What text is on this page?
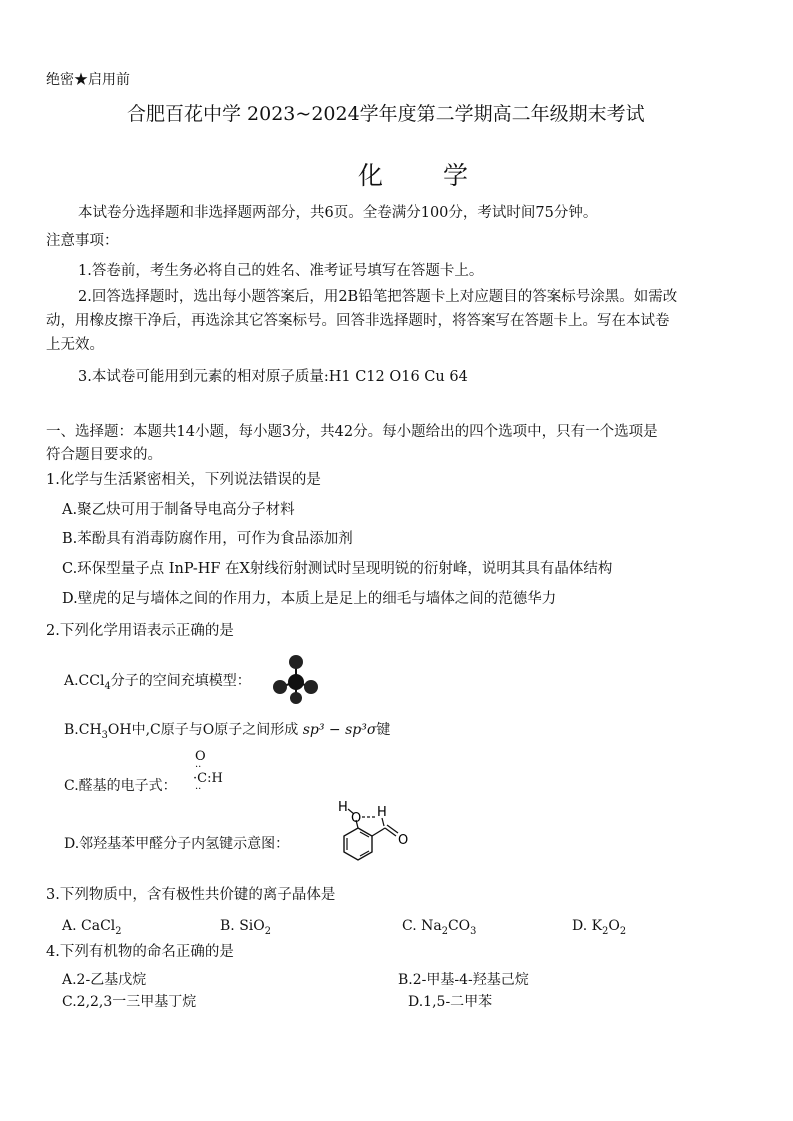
绝密★启用前
合肥百花中学 2023~2024学年度第二学期高二年级期末考试
化 学
本试卷分选择题和非选择题两部分，共6页。全卷满分100分，考试时间75分钟。
注意事项：
1.答卷前，考生务必将自己的姓名、准考证号填写在答题卡上。
2.回答选择题时，选出每小题答案后，用2B铅笔把答题卡上对应题目的答案标号涂黑。如需改
动，用橡皮擦干净后，再选涂其它答案标号。回答非选择题时，将答案写在答题卡上。写在本试卷
上无效。
3.本试卷可能用到元素的相对原子质量:H1 C12 O16 Cu 64
一、选择题：本题共14小题，每小题3分，共42分。每小题给出的四个选项中，只有一个选项是
符合题目要求的。
1.化学与生活紧密相关，下列说法错误的是
A.聚乙炔可用于制备导电高分子材料
B.苯酚具有消毒防腐作用，可作为食品添加剂
C.环保型量子点 InP-HF 在X射线衍射测试时呈现明锐的衍射峰，说明其具有晶体结构
D.壁虎的足与墙体之间的作用力，本质上是足上的细毛与墙体之间的范德华力
2.下列化学用语表示正确的是
A.CCl$_4$分子的空间充填模型：
$B.CH_3OH$中,C原子与O原子之间形成 sp³ − sp³σ键
C.醛基的电子式：
O
··
·C:H
··
D.邻羟基苯甲醛分子内氢键示意图：
H
O H
O
3.下列物质中，含有极性共价键的离子晶体是
A. CaCl$_2$	B. SiO$_2$	C. $Na_2CO_3$	D. $K_2O_2$
4.下列有机物的命名正确的是
A.2-乙基戊烷	B.2-甲基-4-羟基己烷
C.2,2,3一三甲基丁烷	D.1,5-二甲苯
